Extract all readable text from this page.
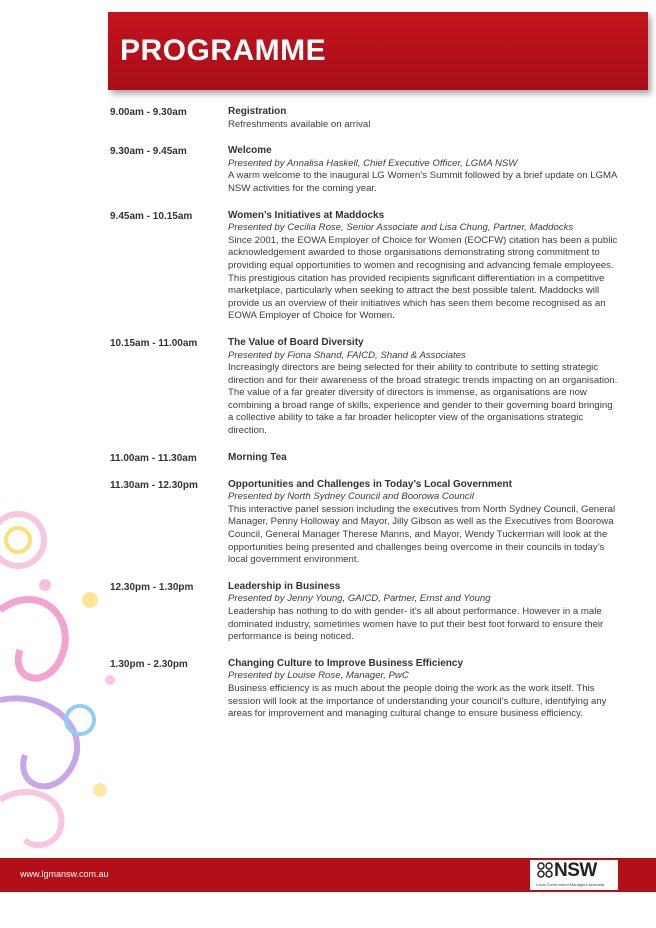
PROGRAMME
9.00am - 9.30am	Registration

Refreshments available on arrival

9.30am - 9.45am	Welcome
Presented by Annalisa Haskell, Chief Executive Officer, LGMA NSW

A warm welcome to the inaugural LG Women’s Summit followed by a brief update on LGMA NSW activities for the coming year.

9.45am - 10.15am	Women’s Initiatives at Maddocks
Presented by Cecilia Rose, Senior Associate and Lisa Chung, Partner, Maddocks

Since 2001, the EOWA Employer of Choice for Women (EOCFW) citation has been a public acknowledgement awarded to those organisations demonstrating strong commitment to providing equal opportunities to women and recognising and advancing female employees. This prestigious citation has provided recipients significant differentiation in a competitive marketplace, particularly when seeking to attract the best possible talent. Maddocks will provide us an overview of their initiatives which has seen them become recognised as an EOWA Employer of Choice for Women.

10.15am - 11.00am	The Value of Board Diversity
Presented by Fiona Shand, FAICD, Shand & Associates

Increasingly directors are being selected for their ability to contribute to setting strategic direction and for their awareness of the broad strategic trends impacting on an organisation. The value of a far greater diversity of directors is immense, as organisations are now combining a broad range of skills, experience and gender to their governing board bringing a collective ability to take a far broader helicopter view of the organisations strategic direction.

11.00am - 11.30am	Morning Tea
11.30am - 12.30pm	Opportunities and Challenges in Today’s Local Government
Presented by North Sydney Council and Boorowa Council

This interactive panel session including the executives from North Sydney Council, General Manager, Penny Holloway and Mayor, Jilly Gibson as well as the Executives from Boorowa Council, General Manager Therese Manns, and Mayor, Wendy Tuckerman will look at the opportunities being presented and challenges being overcome in their councils in today’s local government environment.

12.30pm - 1.30pm	Leadership in Business
Presented by Jenny Young, GAICD, Partner, Ernst and Young

Leadership has nothing to do with gender- it’s all about performance. However in a male dominated industry, sometimes women have to put their best foot forward to ensure their performance is being noticed.

1.30pm - 2.30pm	Changing Culture to Improve Business Efficiency
Presented by Louise Rose, Manager, PwC

Business efficiency is as much about the people doing the work as the work itself. This session will look at the importance of understanding your council’s culture, identifying any areas for improvement and managing cultural change to ensure business efficiency.

www.lgmansw.com.au	NSW
Local Government Managers Australia
